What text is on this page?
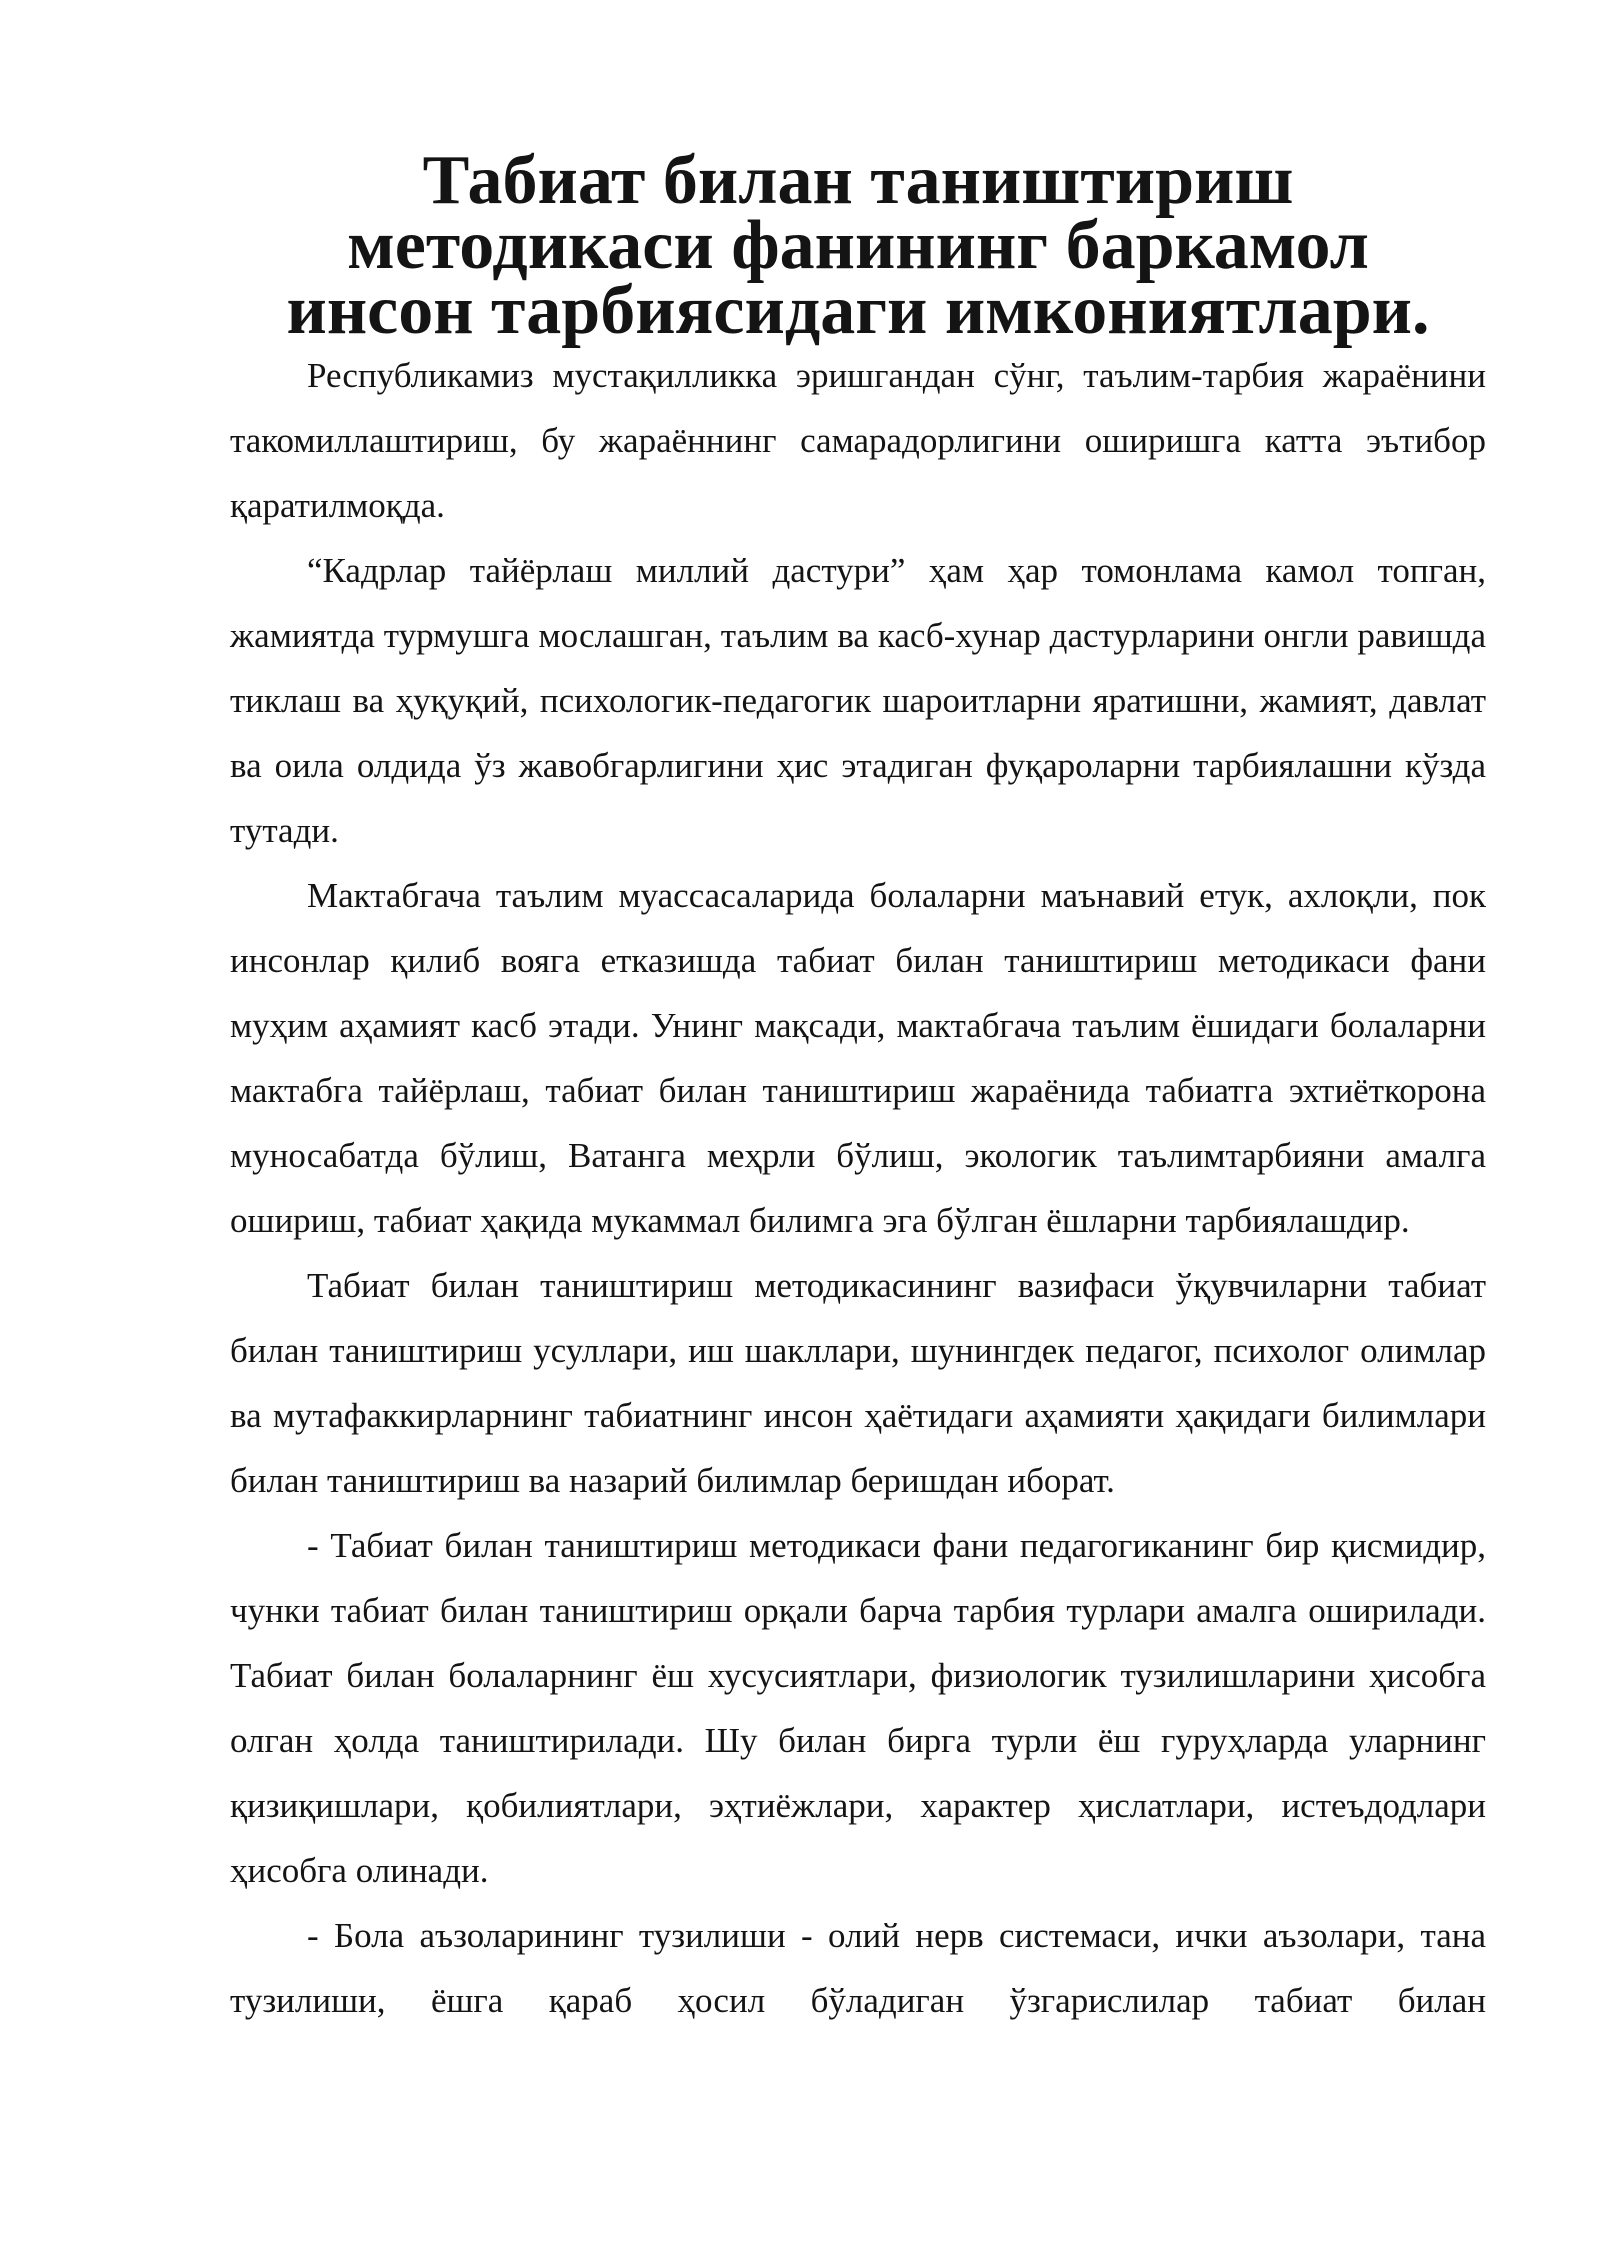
Табиат билан таништириш методикаси фанининг баркамол инсон тарбиясидаги имкониятлари.

Республикамиз мустақилликка эришгандан сўнг, таълим-тарбия жараёнини такомиллаштириш, бу жараённинг самарадорлигини оширишга катта эътибор қаратилмоқда.

“Кадрлар тайёрлаш миллий дастури” ҳам ҳар томонлама камол топган, жамиятда турмушга мослашган, таълим ва касб-хунар дастурларини онгли равишда тиклаш ва ҳуқуқий, психологик-педагогик шароитларни яратишни, жамият, давлат ва оила олдида ўз жавобгарлигини ҳис этадиган фуқароларни тарбиялашни кўзда тутади.

Мактабгача таълим муассасаларида болаларни маънавий етук, ахлоқли, пок инсонлар қилиб вояга етказишда табиат билан таништириш методикаси фани муҳим аҳамият касб этади. Унинг мақсади, мактабгача таълим ёшидаги болаларни мактабга тайёрлаш, табиат билан таништириш жараёнида табиатга эхтиёткорона муносабатда бўлиш, Ватанга меҳрли бўлиш, экологик таълимтарбияни амалга ошириш, табиат ҳақида мукаммал билимга эга бўлган ёшларни тарбиялашдир.

Табиат билан таништириш методикасининг вазифаси ўқувчиларни табиат билан таништириш усуллари, иш шакллари, шунингдек педагог, психолог олимлар ва мутафаккирларнинг табиатнинг инсон ҳаётидаги аҳамияти ҳақидаги билимлари билан таништириш ва назарий билимлар беришдан иборат.

- Табиат билан таништириш методикаси фани педагогиканинг бир қисмидир, чунки табиат билан таништириш орқали барча тарбия турлари амалга оширилади. Табиат билан болаларнинг ёш хусусиятлари, физиологик тузилишларини ҳисобга олган ҳолда таништирилади. Шу билан бирга турли ёш гуруҳларда уларнинг қизиқишлари, қобилиятлари, эҳтиёжлари, характер ҳислатлари, истеъдодлари ҳисобга олинади.

- Бола аъзоларининг тузилиши - олий нерв системаси, ички аъзолари, тана тузилиши, ёшга қараб ҳосил бўладиган ўзгарислилар табиат билан
